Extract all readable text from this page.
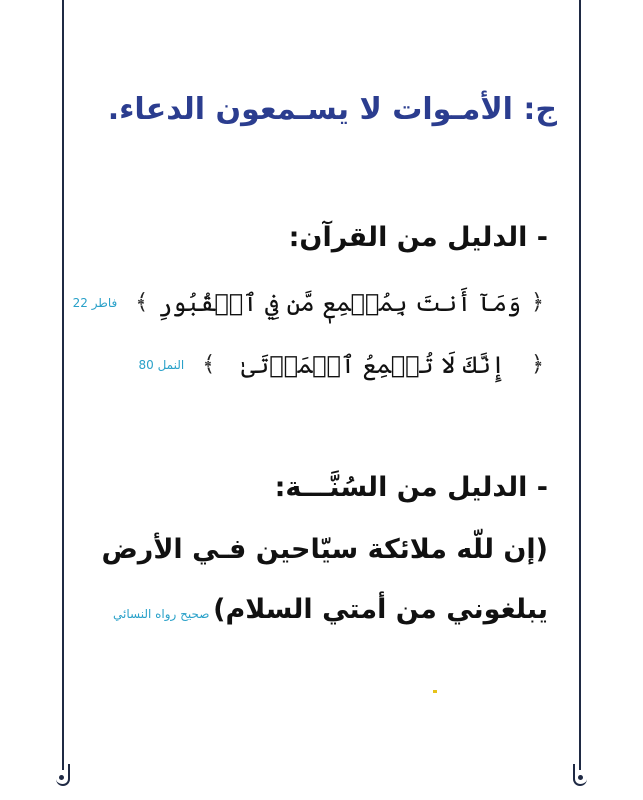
ج: الأمـوات لا يسـمعون الدعاء.
- الدليل من القرآن:
﴿
وَمَآ أَنتَ بِمُسۡمِعٖ مَّن فِي ٱلۡقُبُورِ
﴾
فاطر 22
﴿
إِنَّكَ لَا تُسۡمِعُ ٱلۡمَوۡتَىٰ
﴾
النمل 80
- الدليل من السُنَّـــة:
(إن للّه ملائكة سيّاحين فـي الأرض
يبلغوني من أمتي السلام)
صحيح رواه النسائي
